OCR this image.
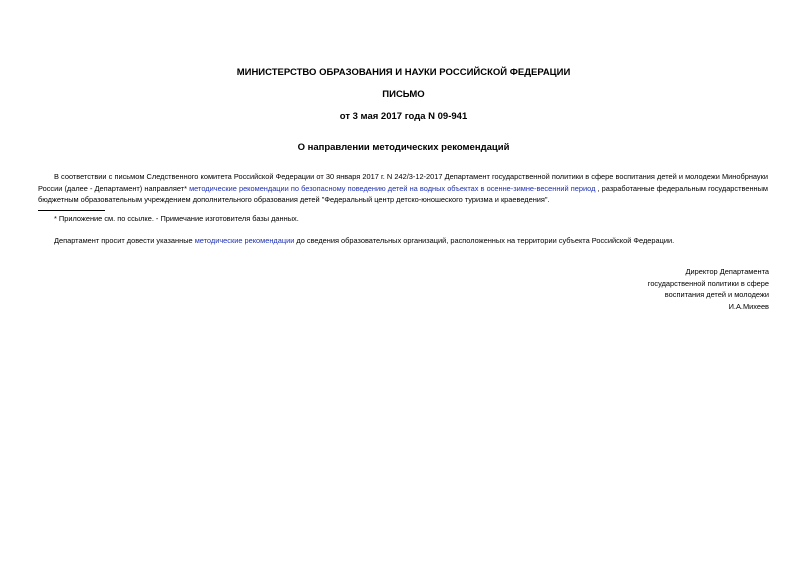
МИНИСТЕРСТВО ОБРАЗОВАНИЯ И НАУКИ РОССИЙСКОЙ ФЕДЕРАЦИИ
ПИСЬМО
от 3 мая 2017 года N 09-941
О направлении методических рекомендаций
В соответствии с письмом Следственного комитета Российской Федерации от 30 января 2017 г. N 242/3-12-2017 Департамент государственной политики в сфере воспитания детей и молодежи Минобрнауки России (далее - Департамент) направляет* методические рекомендации по безопасному поведению детей на водных объектах в осенне-зимне-весенний период , разработанные федеральным государственным бюджетным образовательным учреждением дополнительного образования детей "Федеральный центр детско-юношеского туризма и краеведения".
* Приложение см. по ссылке. - Примечание изготовителя базы данных.
Департамент просит довести указанные методические рекомендации до сведения образовательных организаций, расположенных на территории субъекта Российской Федерации.
Директор Департамента
государственной политики в сфере
воспитания детей и молодежи
И.А.Михеев
